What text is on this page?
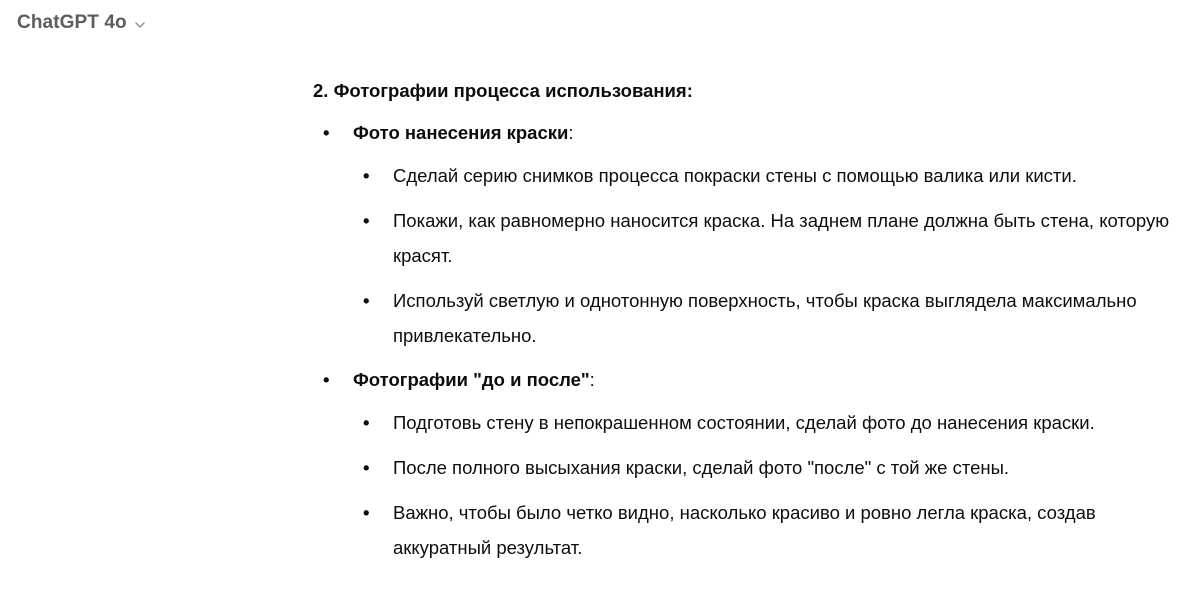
ChatGPT 4o

2. Фотографии процесса использования:

• Фото нанесения краски:
• Сделай серию снимков процесса покраски стены с помощью валика или кисти.
• Покажи, как равномерно наносится краска. На заднем плане должна быть стена, которую красят.
• Используй светлую и однотонную поверхность, чтобы краска выглядела максимально привлекательно.
• Фотографии "до и после":
• Подготовь стену в непокрашенном состоянии, сделай фото до нанесения краски.
• После полного высыхания краски, сделай фото "после" с той же стены.
• Важно, чтобы было четко видно, насколько красиво и ровно легла краска, создав аккуратный результат.
